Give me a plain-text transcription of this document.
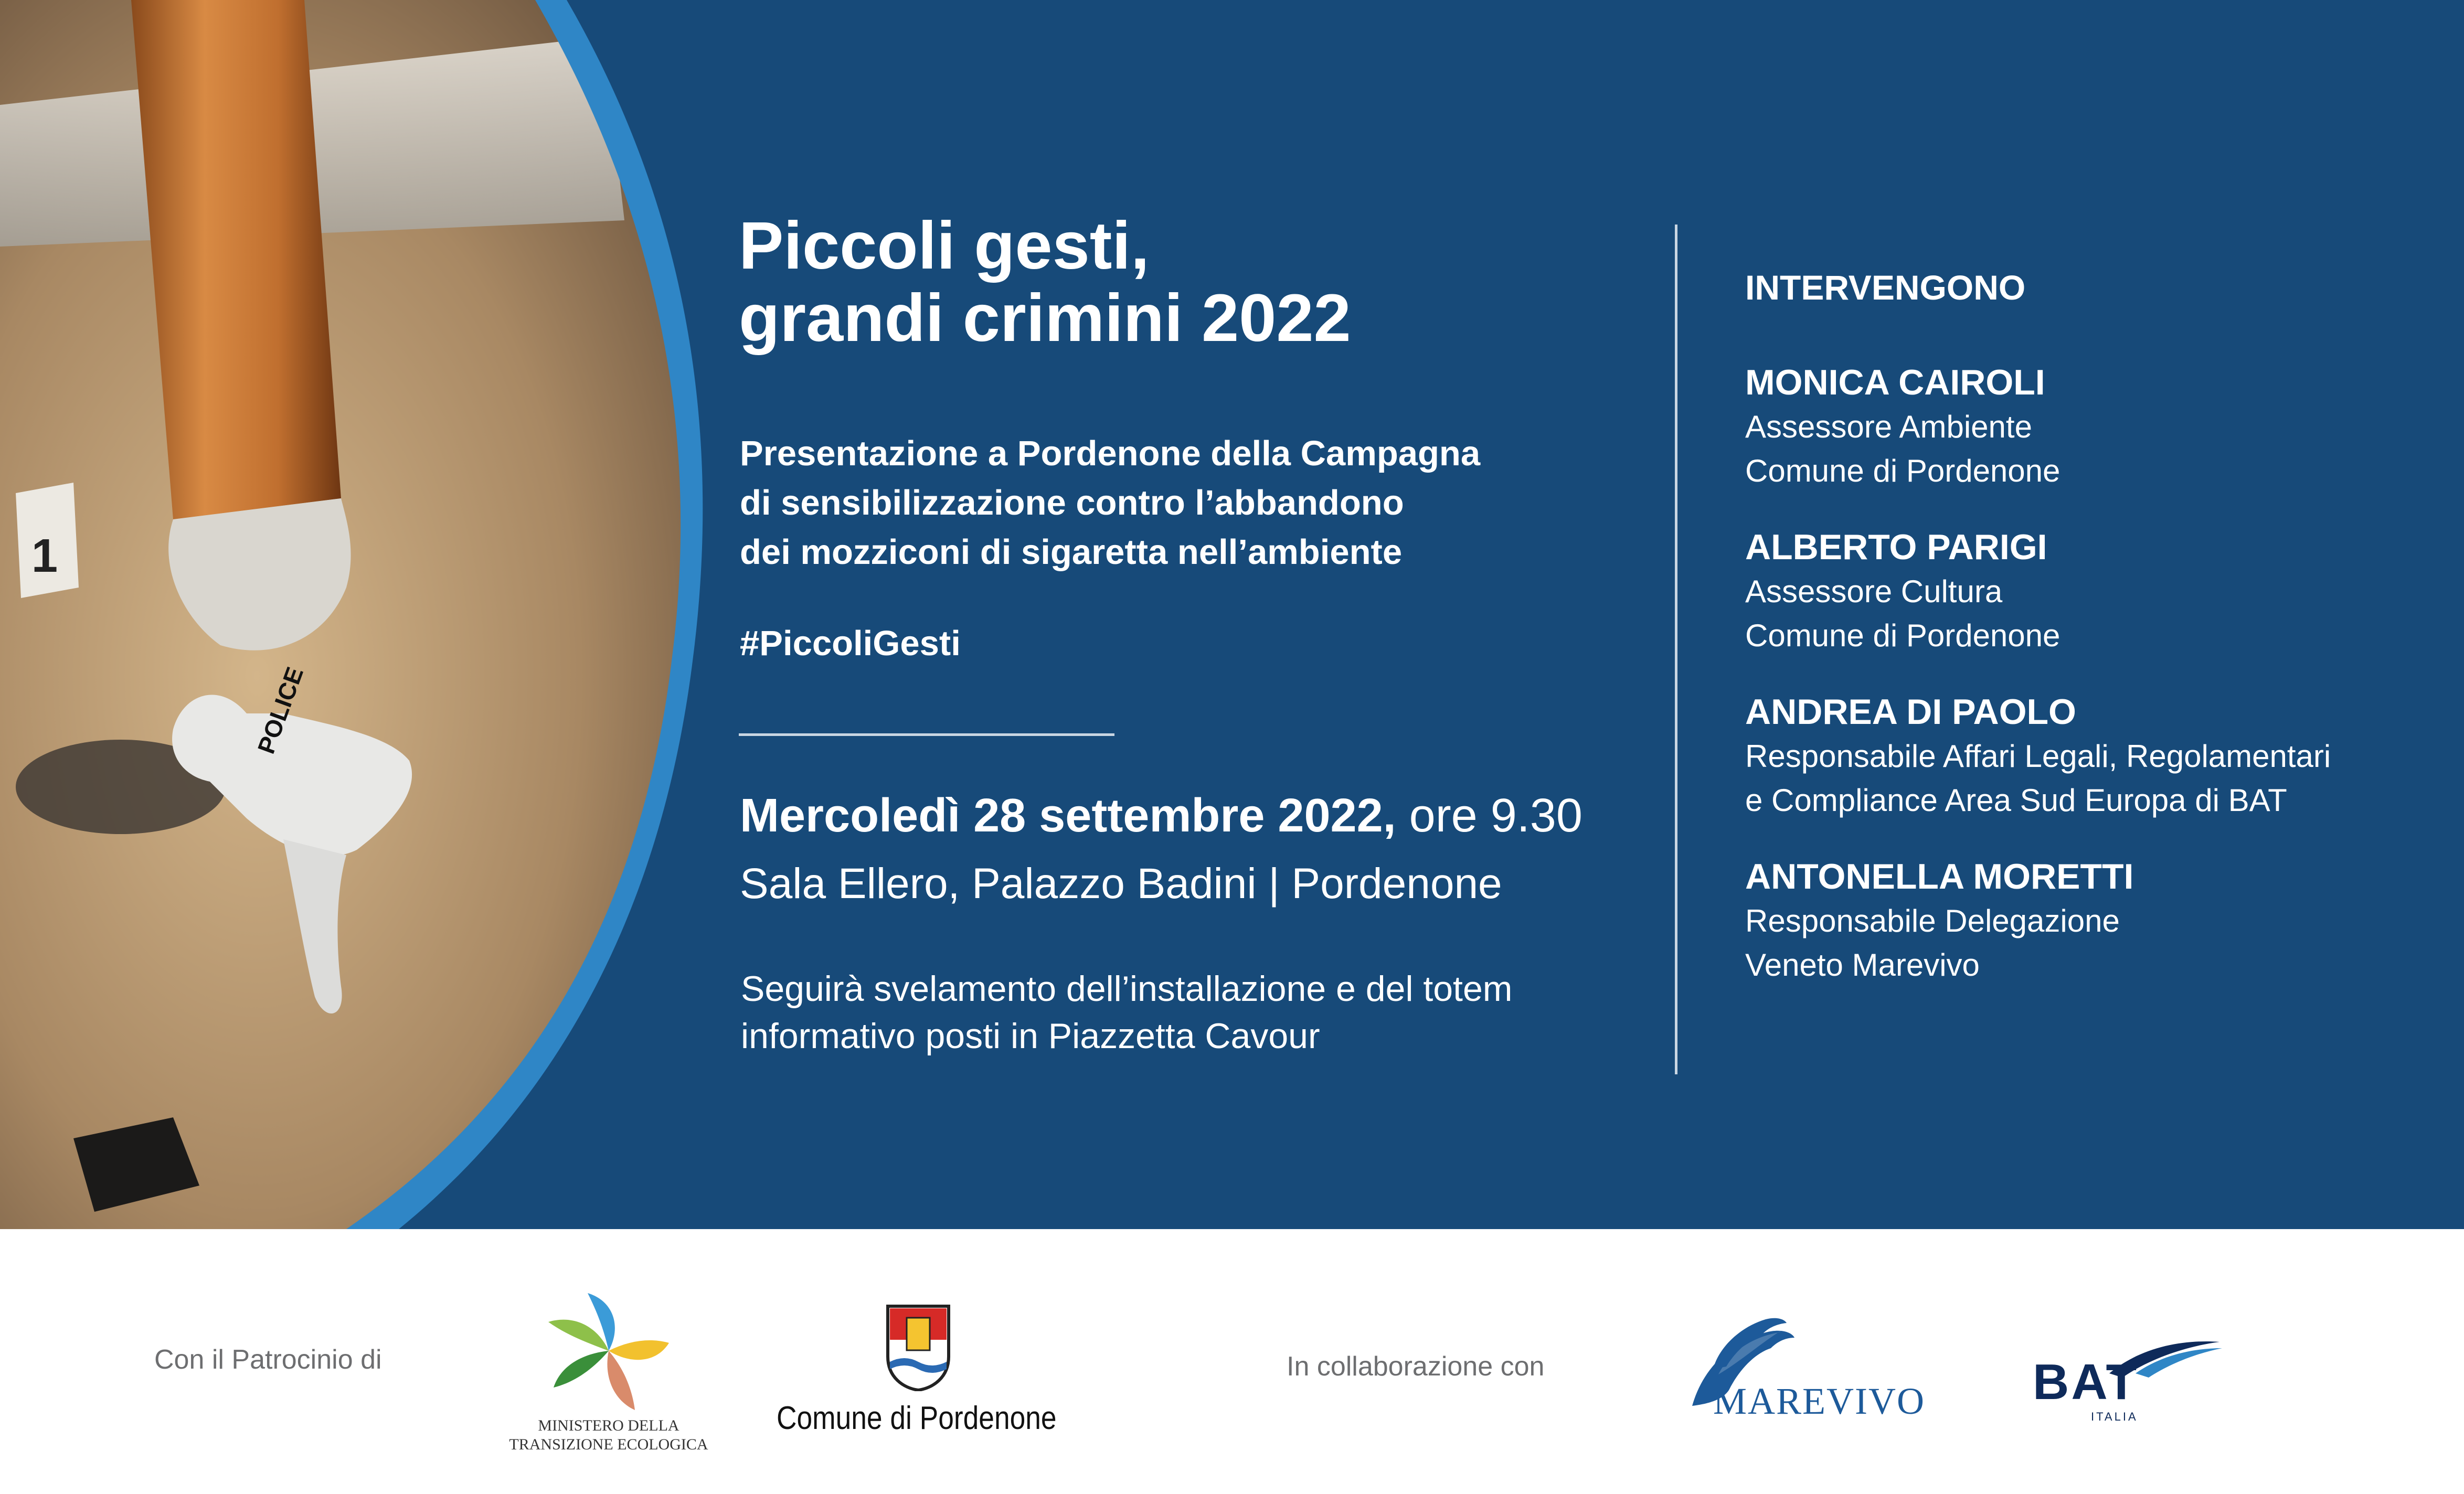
1
POLICE
Piccoli gesti,
grandi crimini 2022
Presentazione a Pordenone della Campagna
di sensibilizzazione contro l’abbandono
dei mozziconi di sigaretta nell’ambiente
#PiccoliGesti
Mercoledì 28 settembre 2022, ore 9.30
Sala Ellero, Palazzo Badini | Pordenone
Seguirà svelamento dell’installazione e del totem
informativo posti in Piazzetta Cavour
INTERVENGONO
MONICA CAIROLI
Assessore Ambiente
Comune di Pordenone
ALBERTO PARIGI
Assessore Cultura
Comune di Pordenone
ANDREA DI PAOLO
Responsabile Affari Legali, Regolamentari
e Compliance Area Sud Europa di BAT
ANTONELLA MORETTI
Responsabile Delegazione
Veneto Marevivo
Con il Patrocinio di
MINISTERO DELLA
TRANSIZIONE ECOLOGICA
Comune di Pordenone
In collaborazione con
MAREVIVO BAT
ITALIA
